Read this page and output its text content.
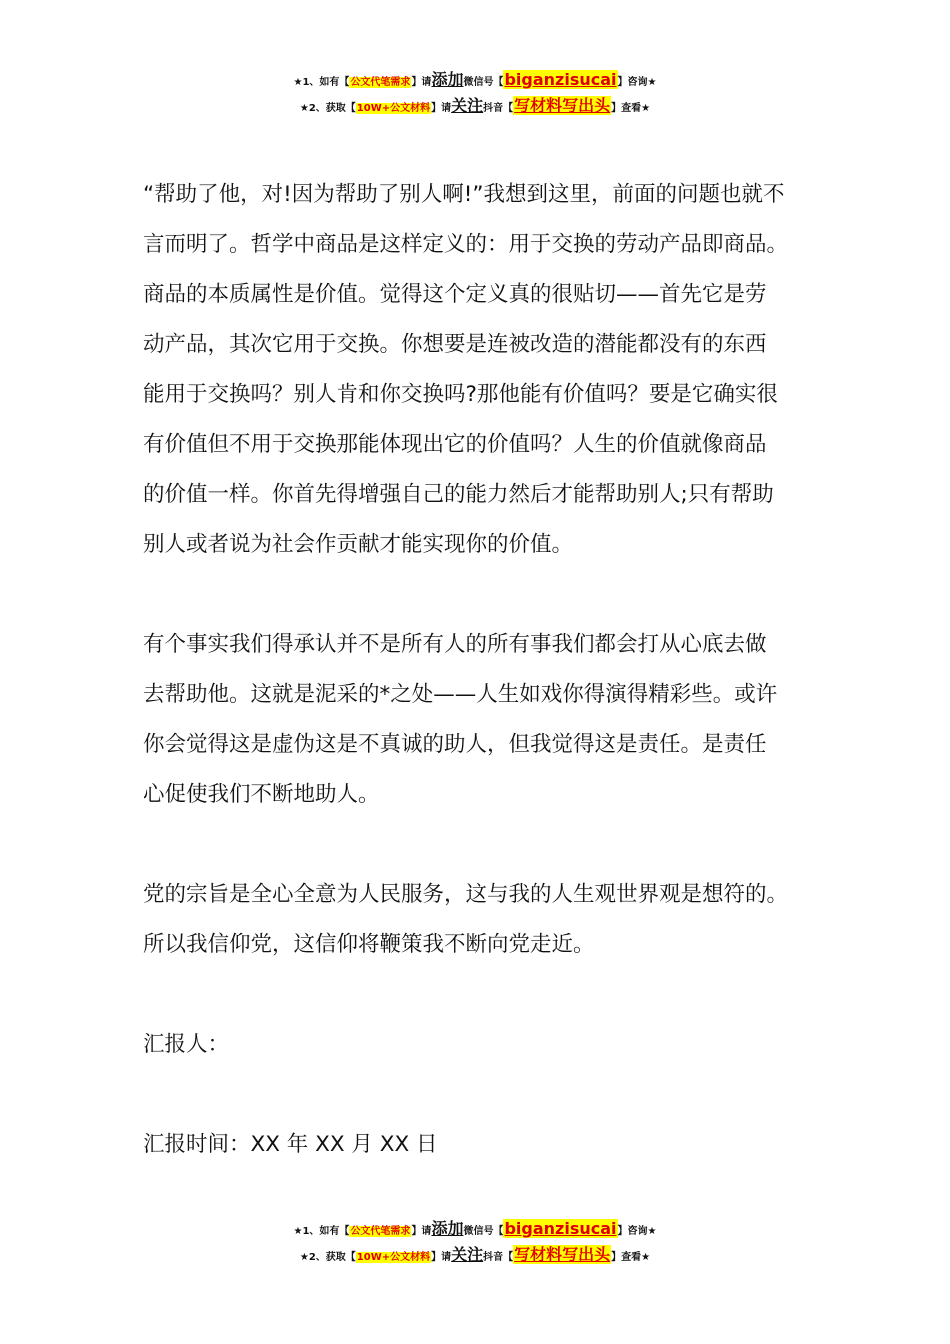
★1、如有【公文代笔需求】请添加微信号【biganzisucai】咨询★
★2、获取【10W+公文材料】请关注抖音【写材料写出头】查看★

“帮助了他，对!因为帮助了别人啊!”我想到这里，前面的问题也就不

言而明了。哲学中商品是这样定义的：用于交换的劳动产品即商品。

商品的本质属性是价值。觉得这个定义真的很贴切——首先它是劳

动产品，其次它用于交换。你想要是连被改造的潜能都没有的东西

能用于交换吗？别人肯和你交换吗?那他能有价值吗？要是它确实很

有价值但不用于交换那能体现出它的价值吗？人生的价值就像商品

的价值一样。你首先得增强自己的能力然后才能帮助别人;只有帮助

别人或者说为社会作贡献才能实现你的价值。

有个事实我们得承认并不是所有人的所有事我们都会打从心底去做

去帮助他。这就是泥采的*之处——人生如戏你得演得精彩些。或许

你会觉得这是虚伪这是不真诚的助人，但我觉得这是责任。是责任

心促使我们不断地助人。

党的宗旨是全心全意为人民服务，这与我的人生观世界观是想符的。

所以我信仰党，这信仰将鞭策我不断向党走近。

汇报人：

汇报时间：XX 年 XX 月 XX 日

★1、如有【公文代笔需求】请添加微信号【biganzisucai】咨询★
★2、获取【10W+公文材料】请关注抖音【写材料写出头】查看★
